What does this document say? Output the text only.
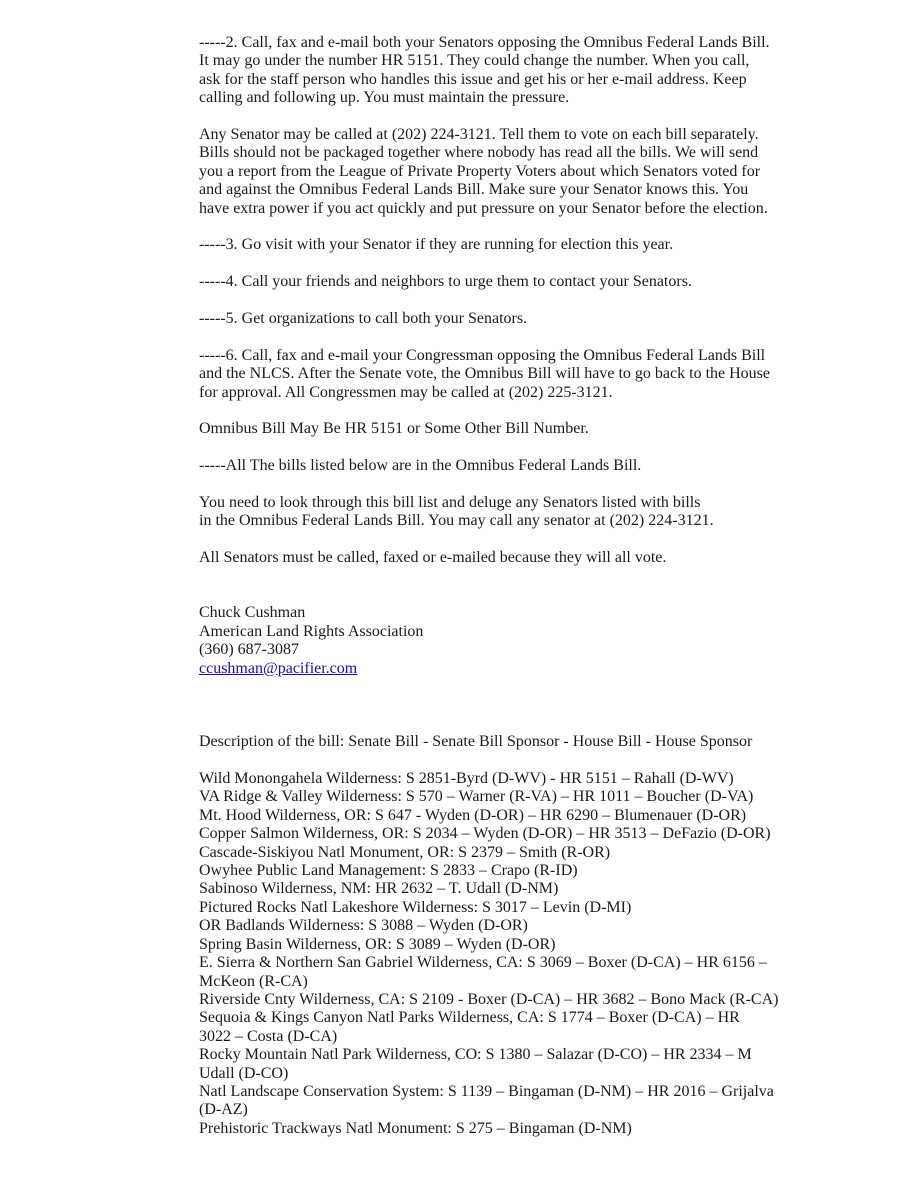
-----2. Call, fax and e-mail both your Senators opposing the Omnibus Federal Lands Bill.
It may go under the number HR 5151. They could change the number. When you call,
ask for the staff person who handles this issue and get his or her e-mail address. Keep
calling and following up. You must maintain the pressure.

Any Senator may be called at (202) 224-3121. Tell them to vote on each bill separately.
Bills should not be packaged together where nobody has read all the bills. We will send
you a report from the League of Private Property Voters about which Senators voted for
and against the Omnibus Federal Lands Bill. Make sure your Senator knows this. You
have extra power if you act quickly and put pressure on your Senator before the election.

-----3. Go visit with your Senator if they are running for election this year.

-----4. Call your friends and neighbors to urge them to contact your Senators.

-----5. Get organizations to call both your Senators.

-----6. Call, fax and e-mail your Congressman opposing the Omnibus Federal Lands Bill
and the NLCS. After the Senate vote, the Omnibus Bill will have to go back to the House
for approval. All Congressmen may be called at (202) 225-3121.

Omnibus Bill May Be HR 5151 or Some Other Bill Number.

-----All The bills listed below are in the Omnibus Federal Lands Bill.

You need to look through this bill list and deluge any Senators listed with bills
in the Omnibus Federal Lands Bill. You may call any senator at (202) 224-3121.

All Senators must be called, faxed or e-mailed because they will all vote.

Chuck Cushman
American Land Rights Association
(360) 687-3087
ccushman@pacifier.com

Description of the bill: Senate Bill - Senate Bill Sponsor - House Bill - House Sponsor

Wild Monongahela Wilderness: S 2851-Byrd (D-WV) - HR 5151 – Rahall (D-WV)
VA Ridge & Valley Wilderness: S 570 – Warner (R-VA) – HR 1011 – Boucher (D-VA)
Mt. Hood Wilderness, OR: S 647 - Wyden (D-OR) – HR 6290 – Blumenauer (D-OR)
Copper Salmon Wilderness, OR: S 2034 – Wyden (D-OR) – HR 3513 – DeFazio (D-OR)
Cascade-Siskiyou Natl Monument, OR: S 2379 – Smith (R-OR)
Owyhee Public Land Management: S 2833 – Crapo (R-ID)
Sabinoso Wilderness, NM: HR 2632 – T. Udall (D-NM)
Pictured Rocks Natl Lakeshore Wilderness: S 3017 – Levin (D-MI)
OR Badlands Wilderness: S 3088 – Wyden (D-OR)
Spring Basin Wilderness, OR: S 3089 – Wyden (D-OR)
E. Sierra & Northern San Gabriel Wilderness, CA: S 3069 – Boxer (D-CA) – HR 6156 –
McKeon (R-CA)
Riverside Cnty Wilderness, CA: S 2109 - Boxer (D-CA) – HR 3682 – Bono Mack (R-CA)
Sequoia & Kings Canyon Natl Parks Wilderness, CA: S 1774 – Boxer (D-CA) – HR
3022 – Costa (D-CA)
Rocky Mountain Natl Park Wilderness, CO: S 1380 – Salazar (D-CO) – HR 2334 – M
Udall (D-CO)
Natl Landscape Conservation System: S 1139 – Bingaman (D-NM) – HR 2016 – Grijalva
(D-AZ)
Prehistoric Trackways Natl Monument: S 275 – Bingaman (D-NM)
